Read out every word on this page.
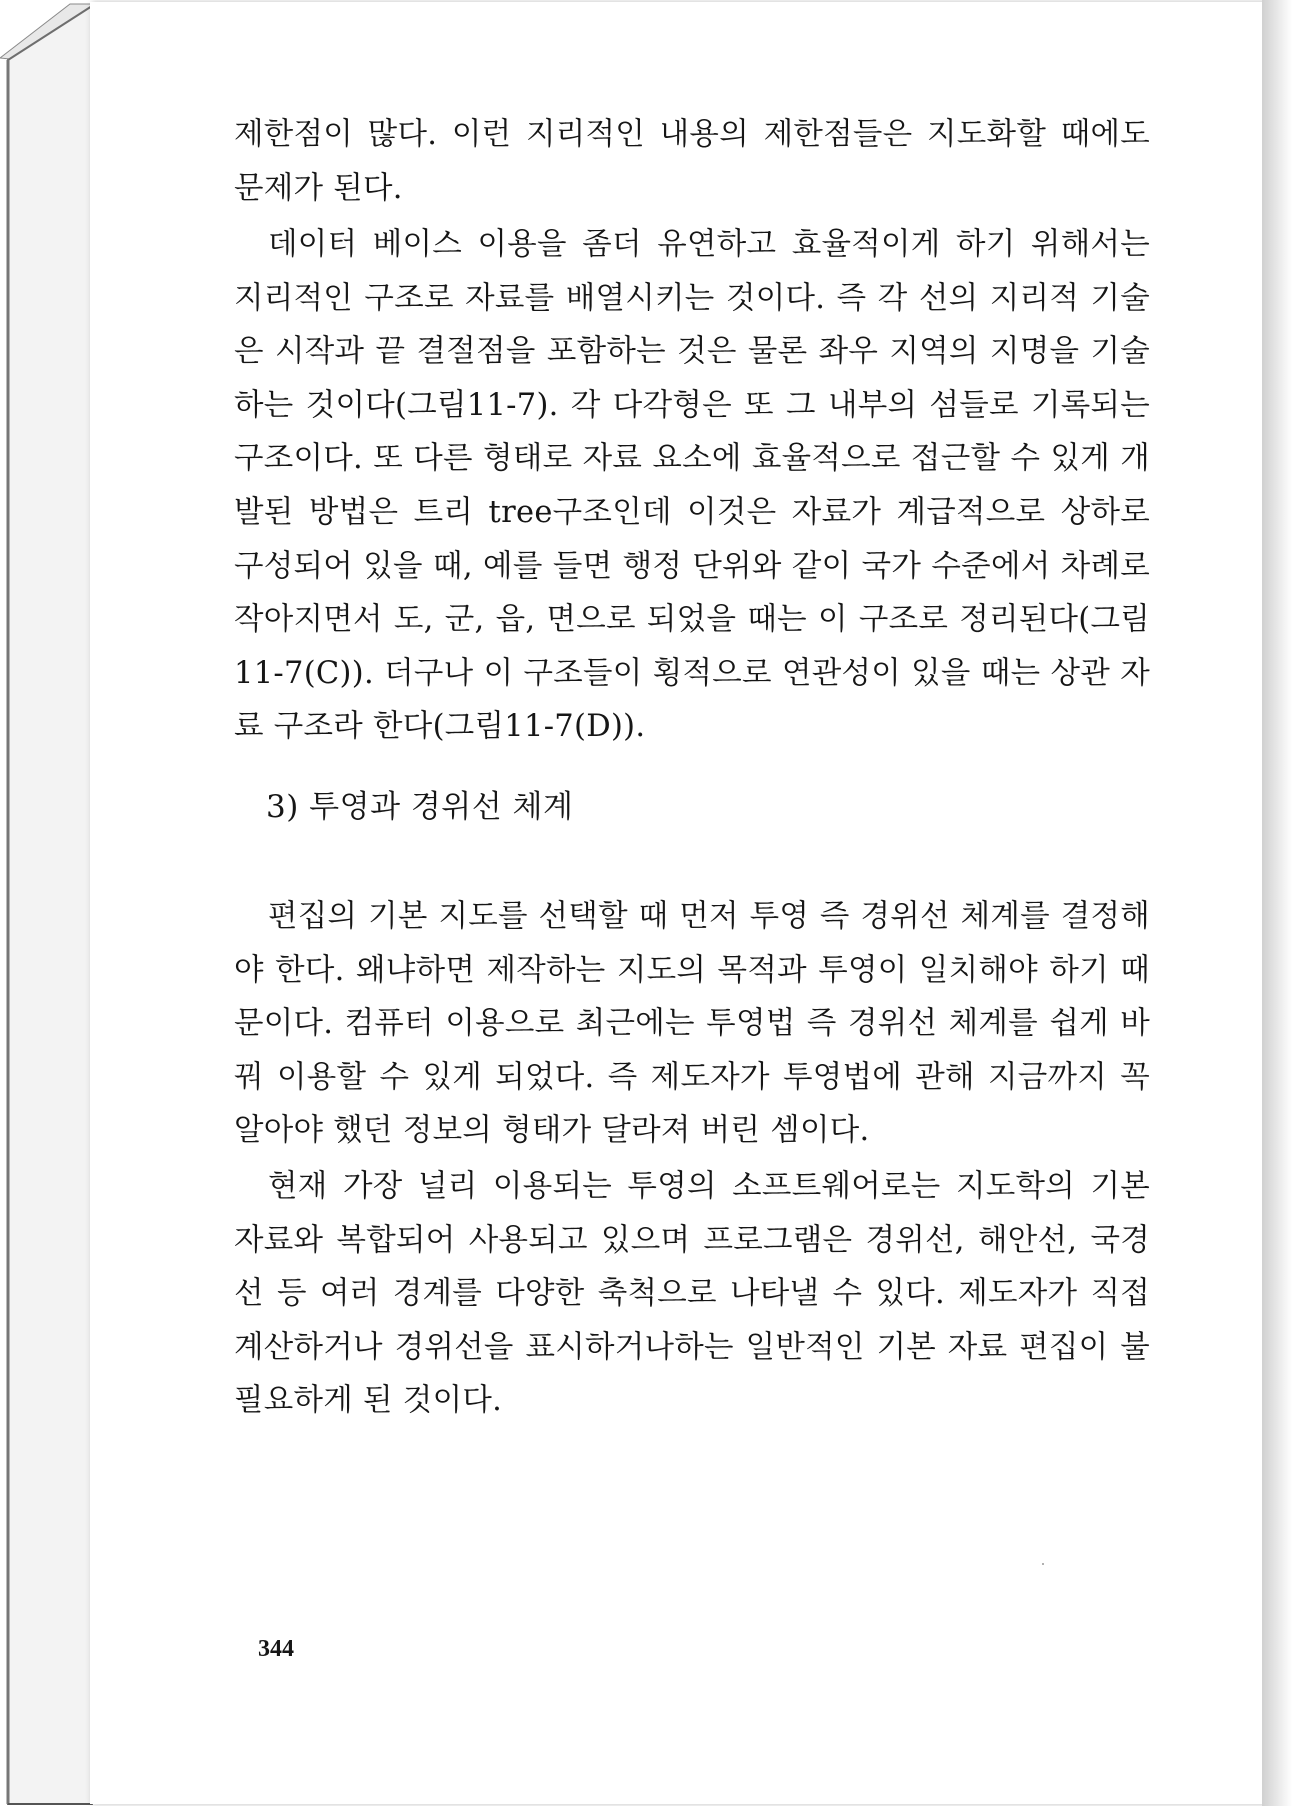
제한점이 많다. 이런 지리적인 내용의 제한점들은 지도화할 때에도 문제가 된다.
데이터 베이스 이용을 좀더 유연하고 효율적이게 하기 위해서는 지리적인 구조로 자료를 배열시키는 것이다. 즉 각 선의 지리적 기술은 시작과 끝 결절점을 포함하는 것은 물론 좌우 지역의 지명을 기술하는 것이다(그림11-7). 각 다각형은 또 그 내부의 섬들로 기록되는 구조이다. 또 다른 형태로 자료 요소에 효율적으로 접근할 수 있게 개발된 방법은 트리 tree구조인데 이것은 자료가 계급적으로 상하로 구성되어 있을 때, 예를 들면 행정 단위와 같이 국가 수준에서 차례로 작아지면서 도, 군, 읍, 면으로 되었을 때는 이 구조로 정리된다(그림11-7(C)). 더구나 이 구조들이 횡적으로 연관성이 있을 때는 상관 자료 구조라 한다(그림11-7(D)).
3) 투영과 경위선 체계
편집의 기본 지도를 선택할 때 먼저 투영 즉 경위선 체계를 결정해야 한다. 왜냐하면 제작하는 지도의 목적과 투영이 일치해야 하기 때문이다. 컴퓨터 이용으로 최근에는 투영법 즉 경위선 체계를 쉽게 바꿔 이용할 수 있게 되었다. 즉 제도자가 투영법에 관해 지금까지 꼭 알아야 했던 정보의 형태가 달라져 버린 셈이다.
현재 가장 널리 이용되는 투영의 소프트웨어로는 지도학의 기본 자료와 복합되어 사용되고 있으며 프로그램은 경위선, 해안선, 국경선 등 여러 경계를 다양한 축척으로 나타낼 수 있다. 제도자가 직접 계산하거나 경위선을 표시하거나하는 일반적인 기본 자료 편집이 불필요하게 된 것이다.
344
